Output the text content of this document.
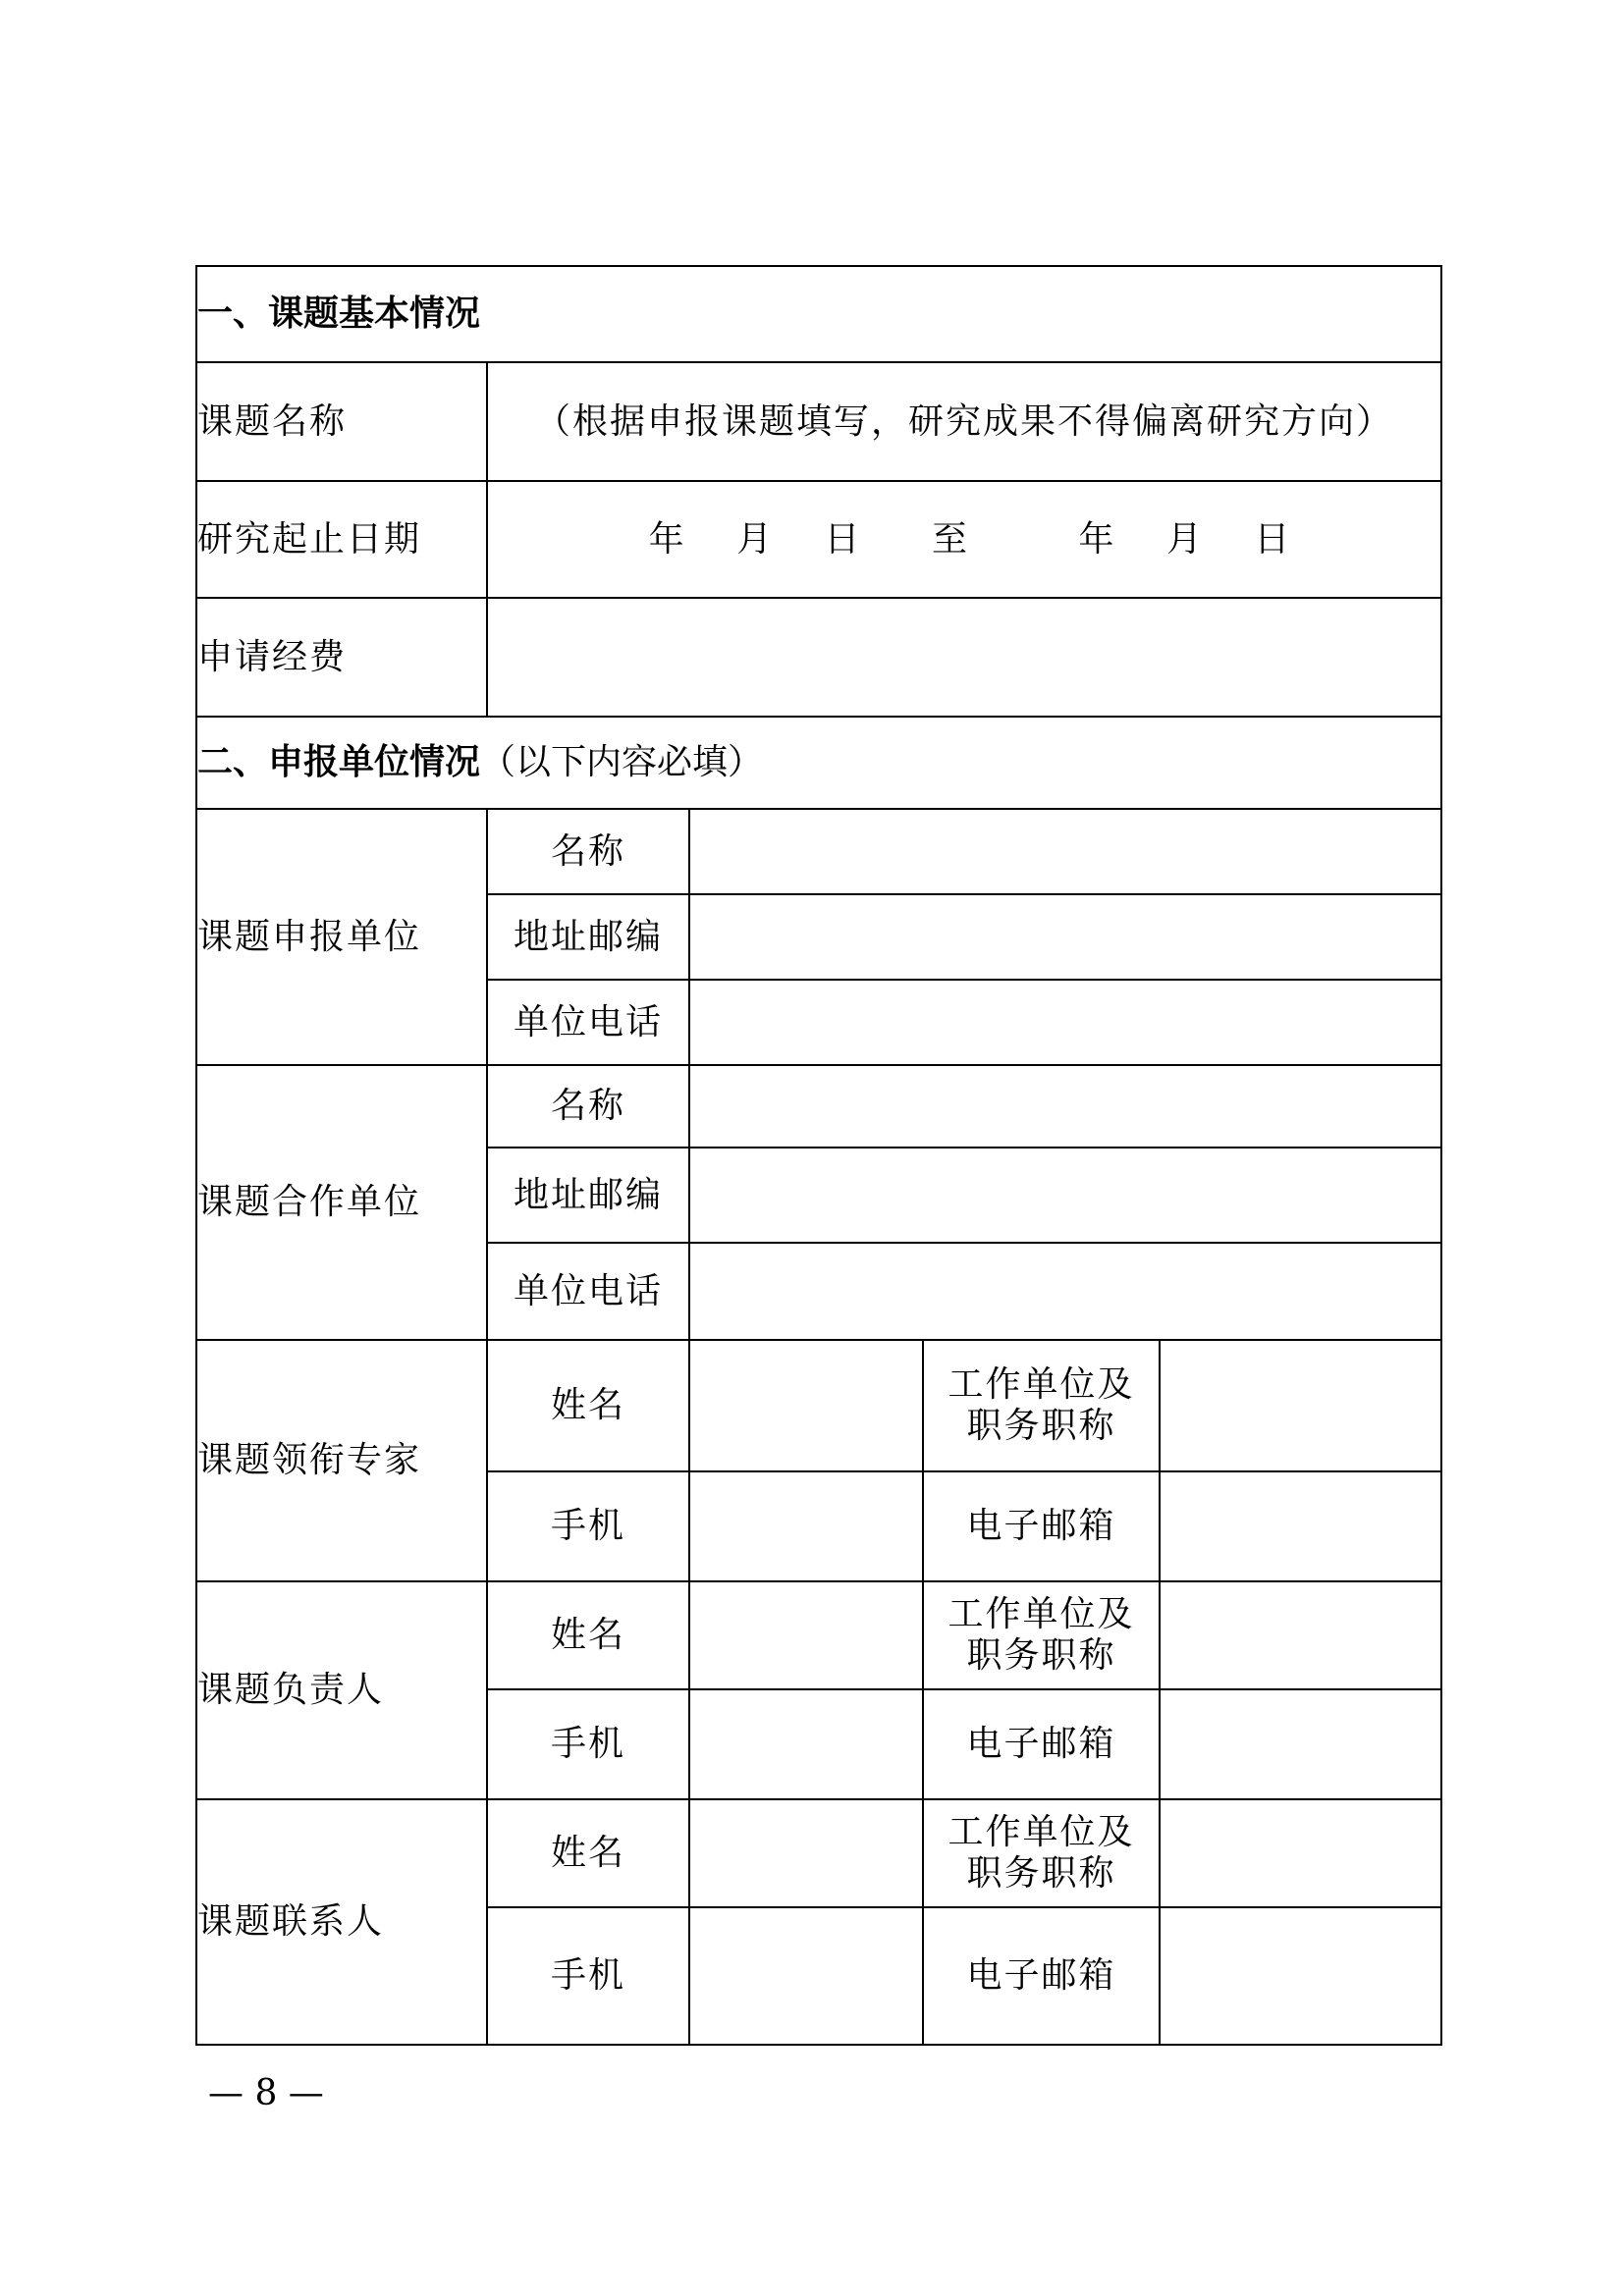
一、课题基本情况				
课题名称	（根据申报课题填写，研究成果不得偏离研究方向）			
研究起止日期	年 月 日 至 年 月 日			
申请经费				
二、申报单位情况（以下内容必填）				
课题申报单位	名称			
	地址邮编			
	单位电话			
课题合作单位	名称			
	地址邮编			
	单位电话			
课题领衔专家	姓名		工作单位及
职务职称	

	手机		电子邮箱	
课题负责人	姓名		工作单位及
职务职称	

	手机		电子邮箱	
课题联系人	姓名		工作单位及
职务职称	

	手机		电子邮箱	
— 8 —
